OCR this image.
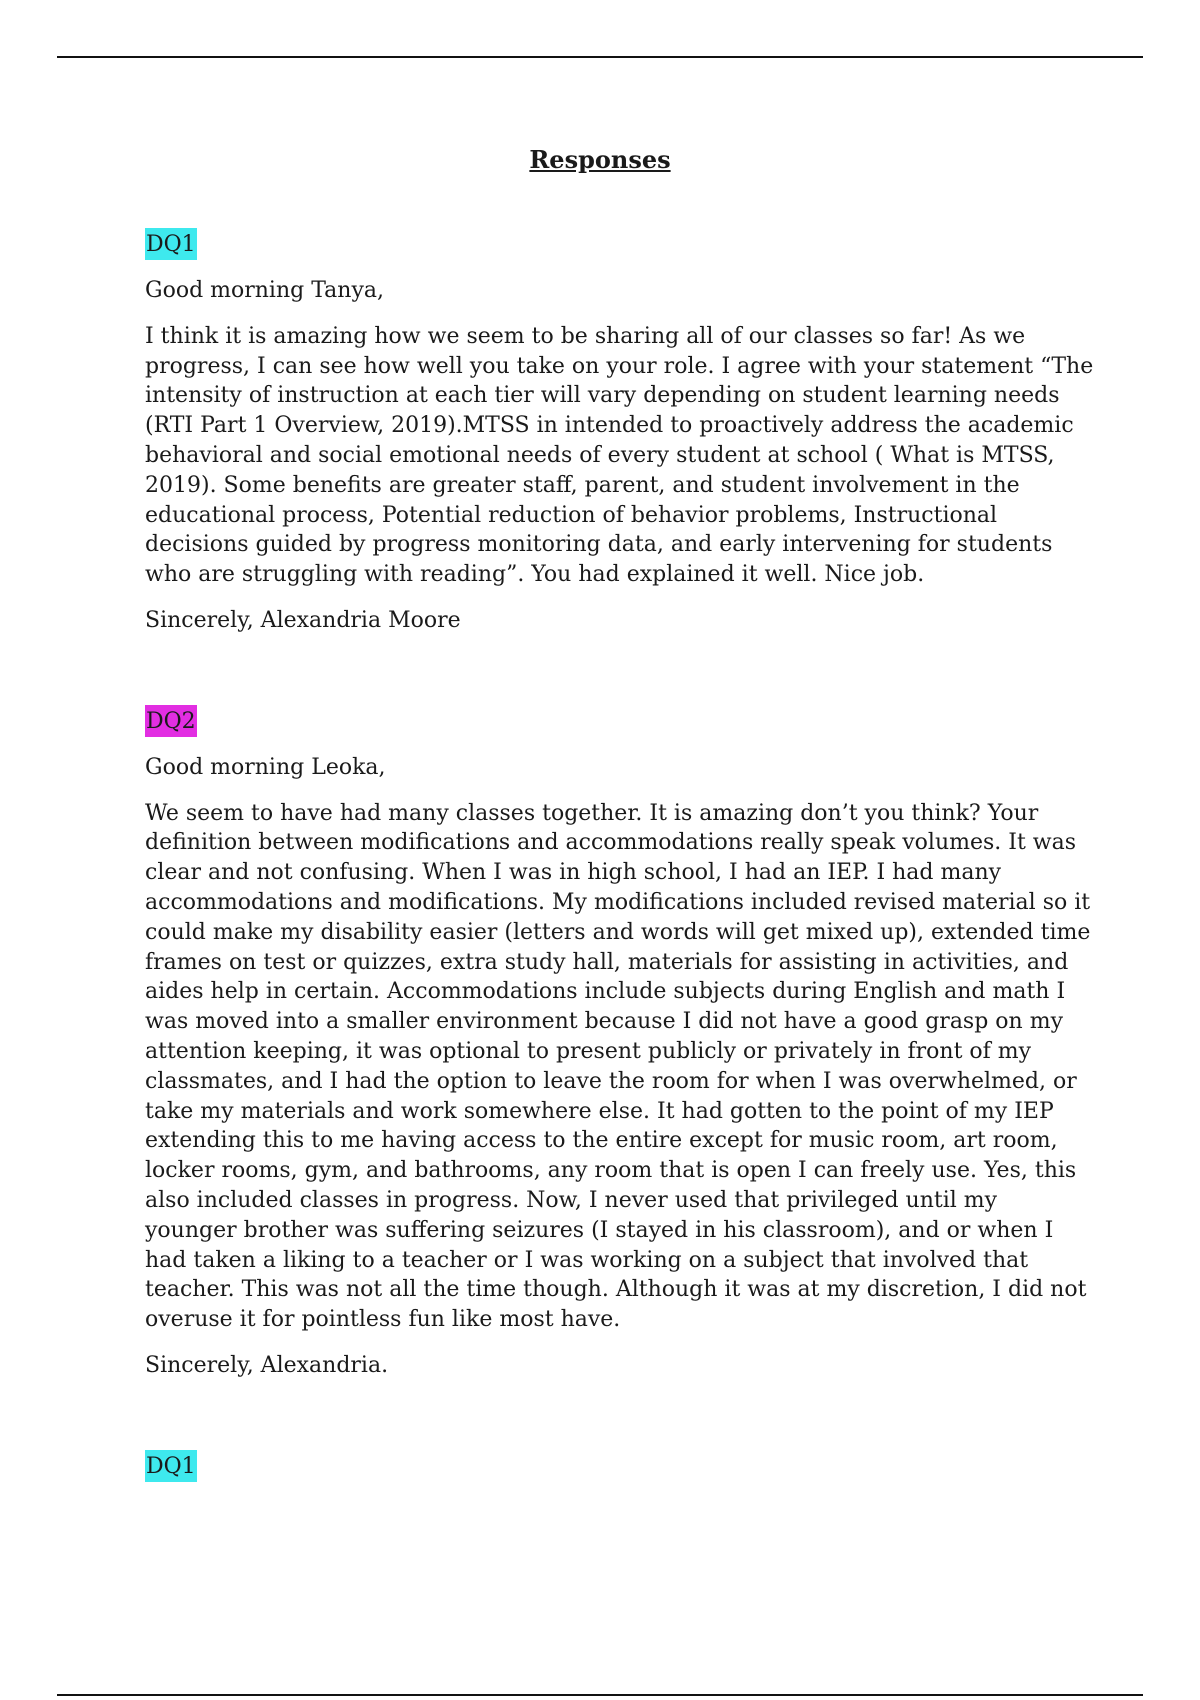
Responses
DQ1

Good morning Tanya,

I think it is amazing how we seem to be sharing all of our classes so far! As we progress, I can see how well you take on your role. I agree with your statement “The intensity of instruction at each tier will vary depending on student learning needs (RTI Part 1 Overview, 2019).MTSS in intended to proactively address the academic behavioral and social emotional needs of every student at school ( What is MTSS, 2019). Some benefits are greater staff, parent, and student involvement in the educational process, Potential reduction of behavior problems, Instructional decisions guided by progress monitoring data, and early intervening for students who are struggling with reading”. You had explained it well. Nice job.

Sincerely, Alexandria Moore

DQ2

Good morning Leoka,

We seem to have had many classes together. It is amazing don’t you think? Your definition between modifications and accommodations really speak volumes. It was clear and not confusing. When I was in high school, I had an IEP. I had many accommodations and modifications. My modifications included revised material so it could make my disability easier (letters and words will get mixed up), extended time frames on test or quizzes, extra study hall, materials for assisting in activities, and aides help in certain. Accommodations include subjects during English and math I was moved into a smaller environment because I did not have a good grasp on my attention keeping, it was optional to present publicly or privately in front of my classmates, and I had the option to leave the room for when I was overwhelmed, or take my materials and work somewhere else. It had gotten to the point of my IEP extending this to me having access to the entire except for music room, art room, locker rooms, gym, and bathrooms, any room that is open I can freely use. Yes, this also included classes in progress. Now, I never used that privileged until my younger brother was suffering seizures (I stayed in his classroom), and or when I had taken a liking to a teacher or I was working on a subject that involved that teacher. This was not all the time though. Although it was at my discretion, I did not overuse it for pointless fun like most have.

Sincerely, Alexandria.

DQ1
